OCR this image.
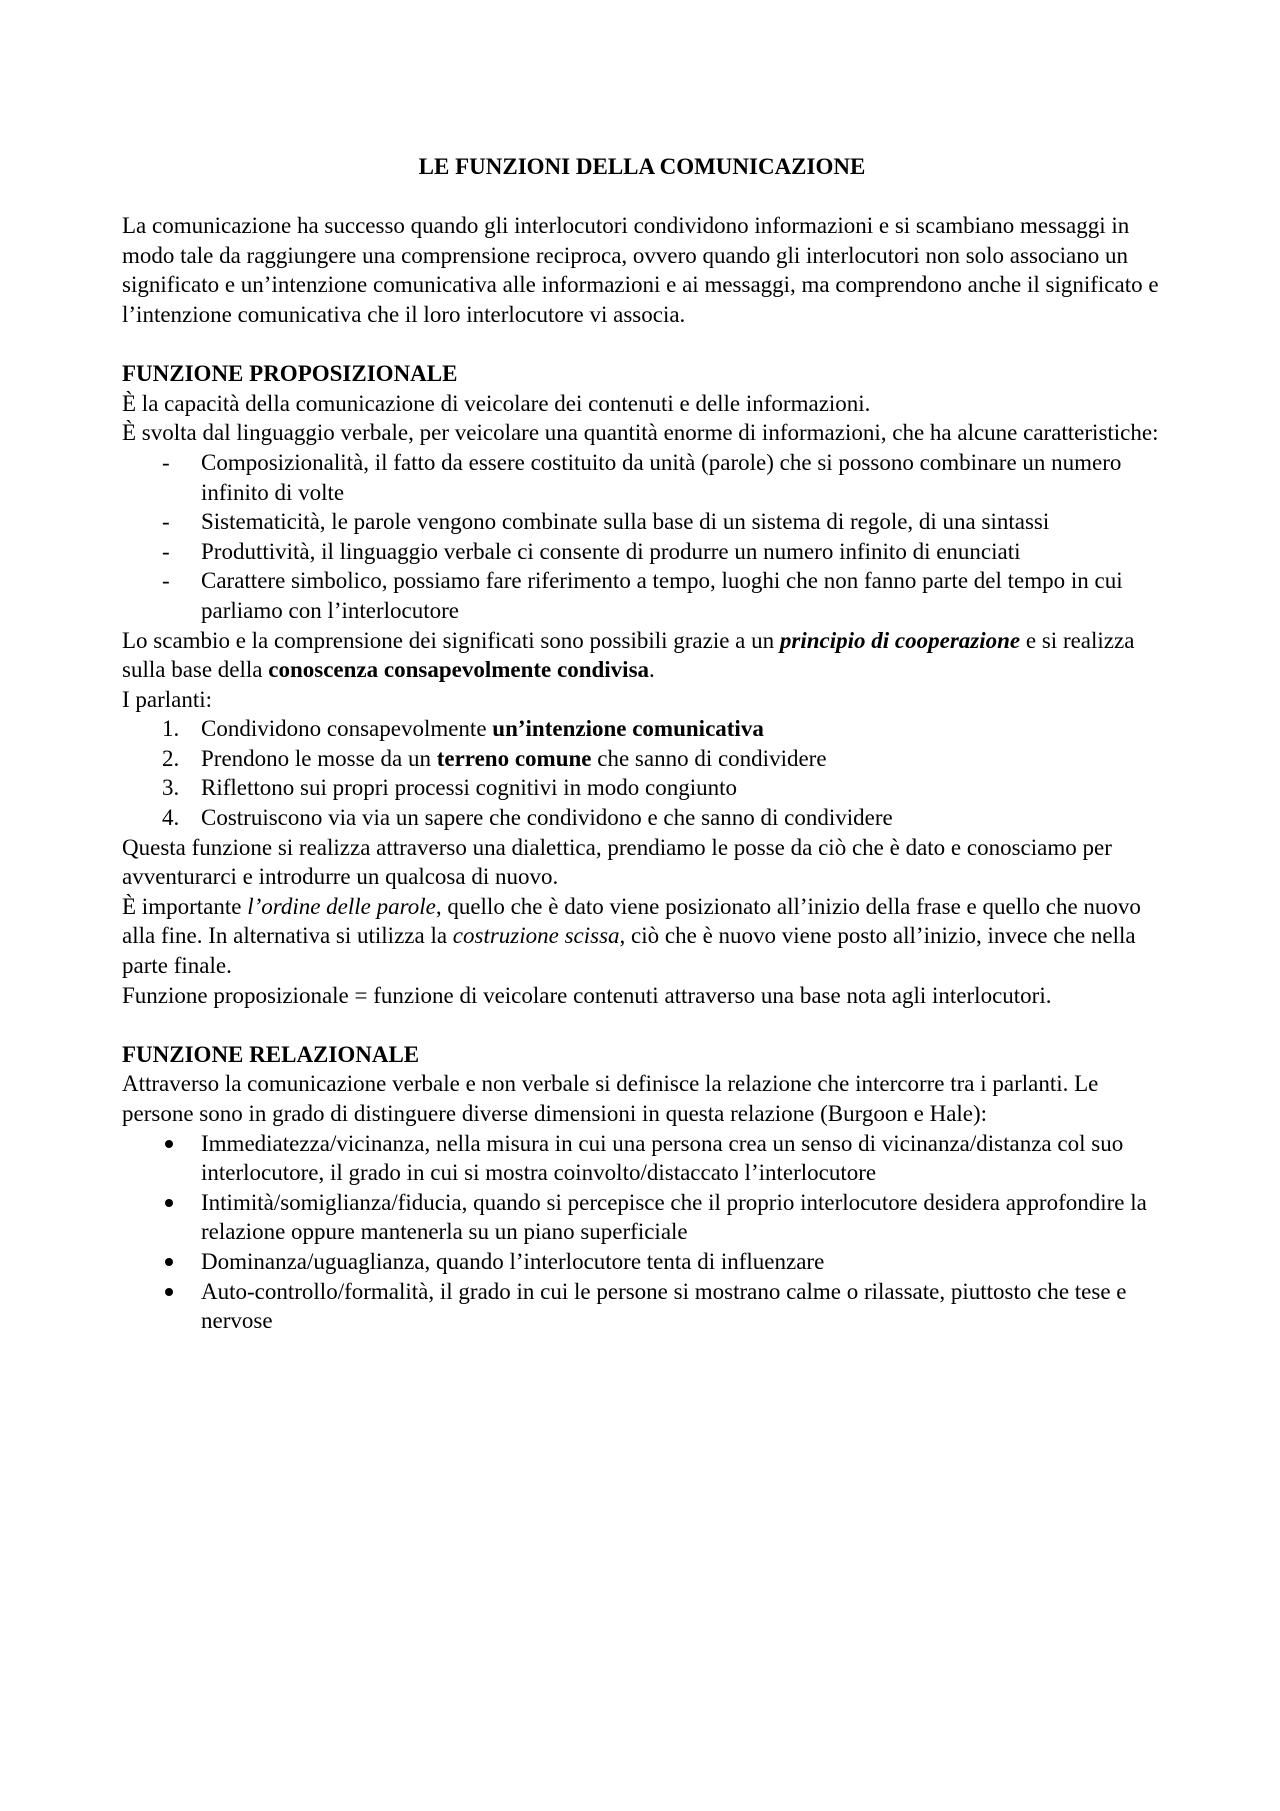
LE FUNZIONI DELLA COMUNICAZIONE

La comunicazione ha successo quando gli interlocutori condividono informazioni e si scambiano messaggi in modo tale da raggiungere una comprensione reciproca, ovvero quando gli interlocutori non solo associano un significato e un’intenzione comunicativa alle informazioni e ai messaggi, ma comprendono anche il significato e l’intenzione comunicativa che il loro interlocutore vi associa.

FUNZIONE PROPOSIZIONALE

È la capacità della comunicazione di veicolare dei contenuti e delle informazioni.

È svolta dal linguaggio verbale, per veicolare una quantità enorme di informazioni, che ha alcune caratteristiche:

-	Composizionalità, il fatto da essere costituito da unità (parole) che si possono combinare un numero infinito di volte
-	Sistematicità, le parole vengono combinate sulla base di un sistema di regole, di una sintassi
-	Produttività, il linguaggio verbale ci consente di produrre un numero infinito di enunciati
-	Carattere simbolico, possiamo fare riferimento a tempo, luoghi che non fanno parte del tempo in cui parliamo con l’interlocutore

Lo scambio e la comprensione dei significati sono possibili grazie a un principio di cooperazione e si realizza sulla base della conoscenza consapevolmente condivisa.

I parlanti:

1. Condividono consapevolmente un’intenzione comunicativa
2. Prendono le mosse da un terreno comune che sanno di condividere
3. Riflettono sui propri processi cognitivi in modo congiunto
4. Costruiscono via via un sapere che condividono e che sanno di condividere

Questa funzione si realizza attraverso una dialettica, prendiamo le posse da ciò che è dato e conosciamo per avventurarci e introdurre un qualcosa di nuovo.

È importante l’ordine delle parole, quello che è dato viene posizionato all’inizio della frase e quello che nuovo alla fine. In alternativa si utilizza la costruzione scissa, ciò che è nuovo viene posto all’inizio, invece che nella parte finale.

Funzione proposizionale = funzione di veicolare contenuti attraverso una base nota agli interlocutori.

FUNZIONE RELAZIONALE

Attraverso la comunicazione verbale e non verbale si definisce la relazione che intercorre tra i parlanti. Le persone sono in grado di distinguere diverse dimensioni in questa relazione (Burgoon e Hale):

Immediatezza/vicinanza, nella misura in cui una persona crea un senso di vicinanza/distanza col suo interlocutore, il grado in cui si mostra coinvolto/distaccato l’interlocutore
Intimità/somiglianza/fiducia, quando si percepisce che il proprio interlocutore desidera approfondire la relazione oppure mantenerla su un piano superficiale
Dominanza/uguaglianza, quando l’interlocutore tenta di influenzare
Auto-controllo/formalità, il grado in cui le persone si mostrano calme o rilassate, piuttosto che tese e nervose
